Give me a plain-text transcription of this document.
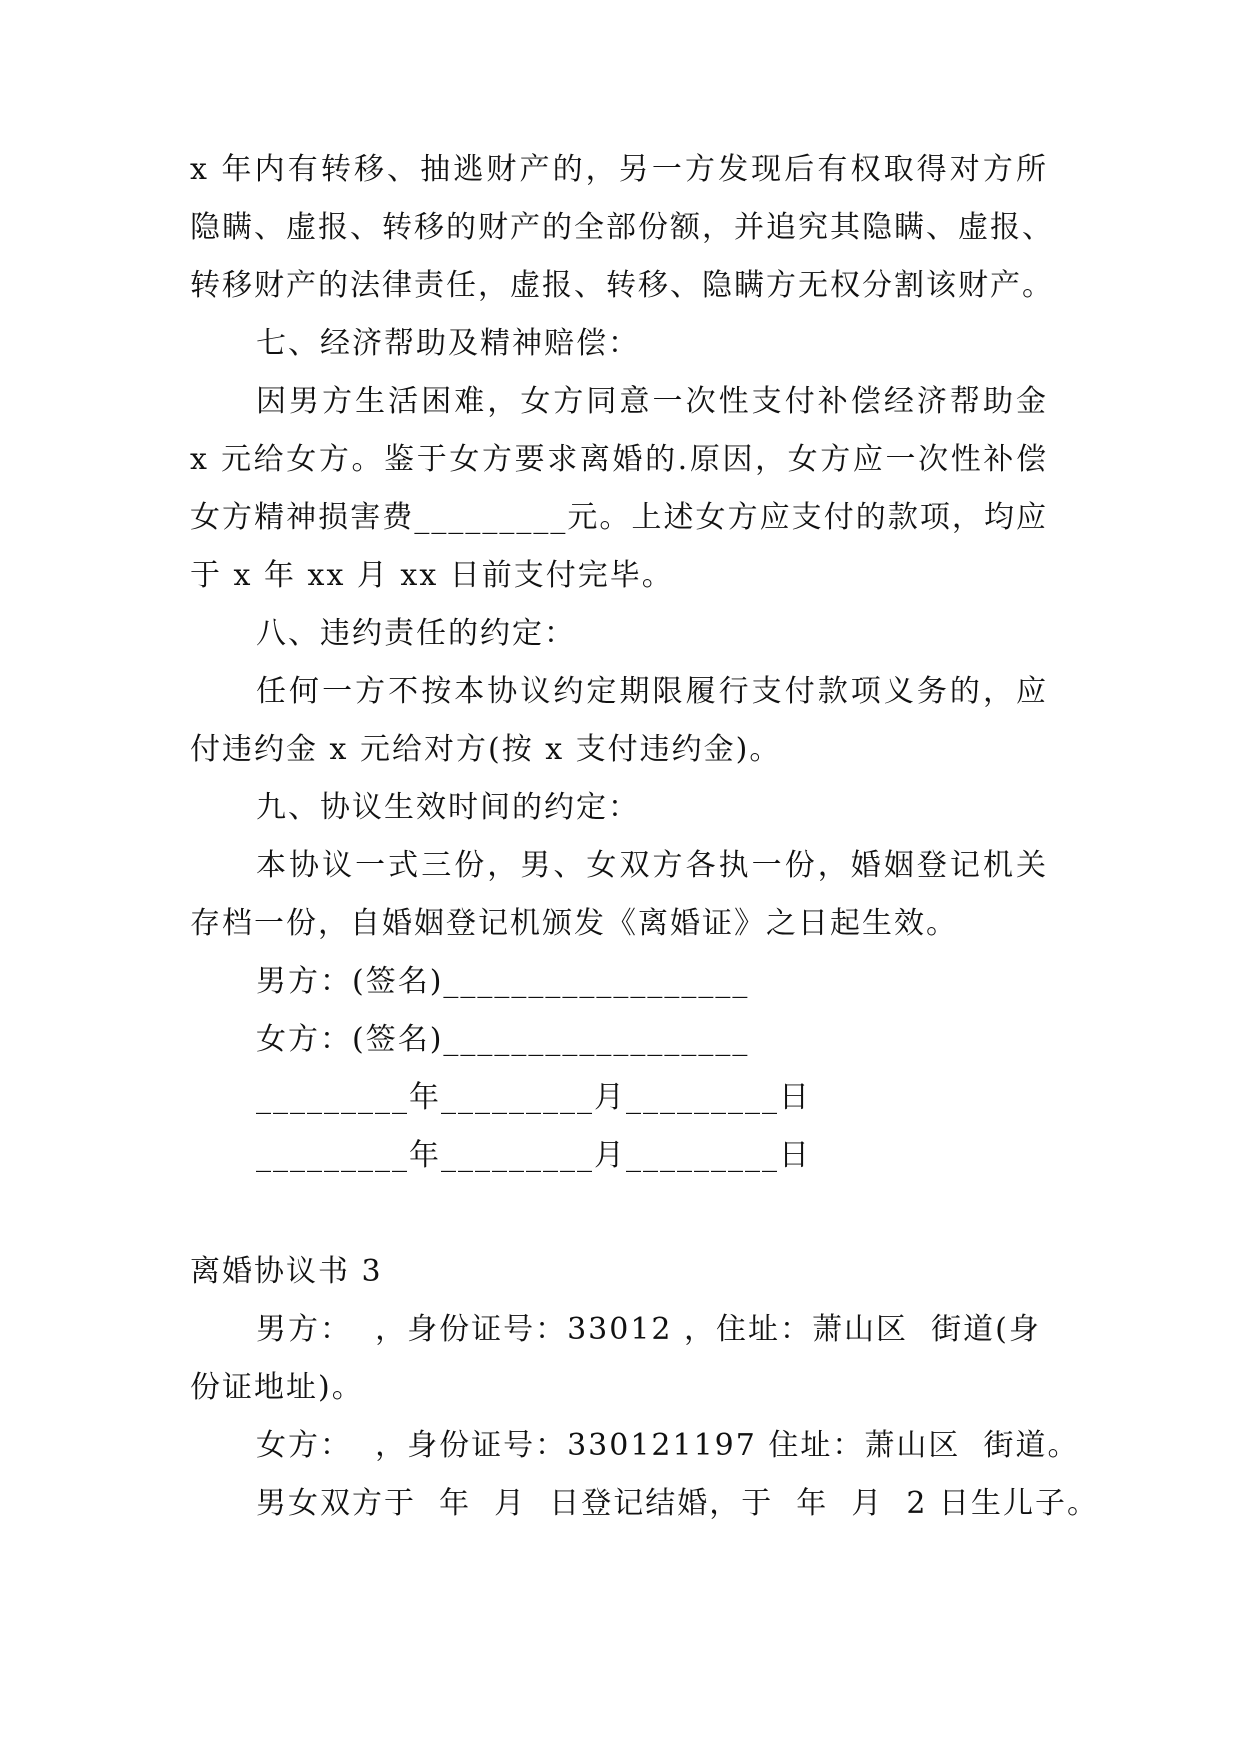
x 年内有转移、抽逃财产的，另一方发现后有权取得对方所
隐瞒、虚报、转移的财产的全部份额，并追究其隐瞒、虚报、
转移财产的法律责任，虚报、转移、隐瞒方无权分割该财产。
七、经济帮助及精神赔偿：
因男方生活困难，女方同意一次性支付补偿经济帮助金
x 元给女方。鉴于女方要求离婚的.原因，女方应一次性补偿
女方精神损害费_________元。上述女方应支付的款项，均应
于 x 年 xx 月 xx 日前支付完毕。
八、违约责任的约定：
任何一方不按本协议约定期限履行支付款项义务的，应
付违约金 x 元给对方(按 x 支付违约金)。
九、协议生效时间的约定：
本协议一式三份，男、女双方各执一份，婚姻登记机关
存档一份，自婚姻登记机颁发《离婚证》之日起生效。
男方：(签名)__________________
女方：(签名)__________________
_________年_________月_________日
_________年_________月_________日
离婚协议书 3
男方：  ，身份证号：33012 ，住址：萧山区  街道(身
份证地址)。
女方：  ，身份证号：330121197 住址：萧山区  街道。
男女双方于  年  月  日登记结婚，于  年  月  2 日生儿子。
